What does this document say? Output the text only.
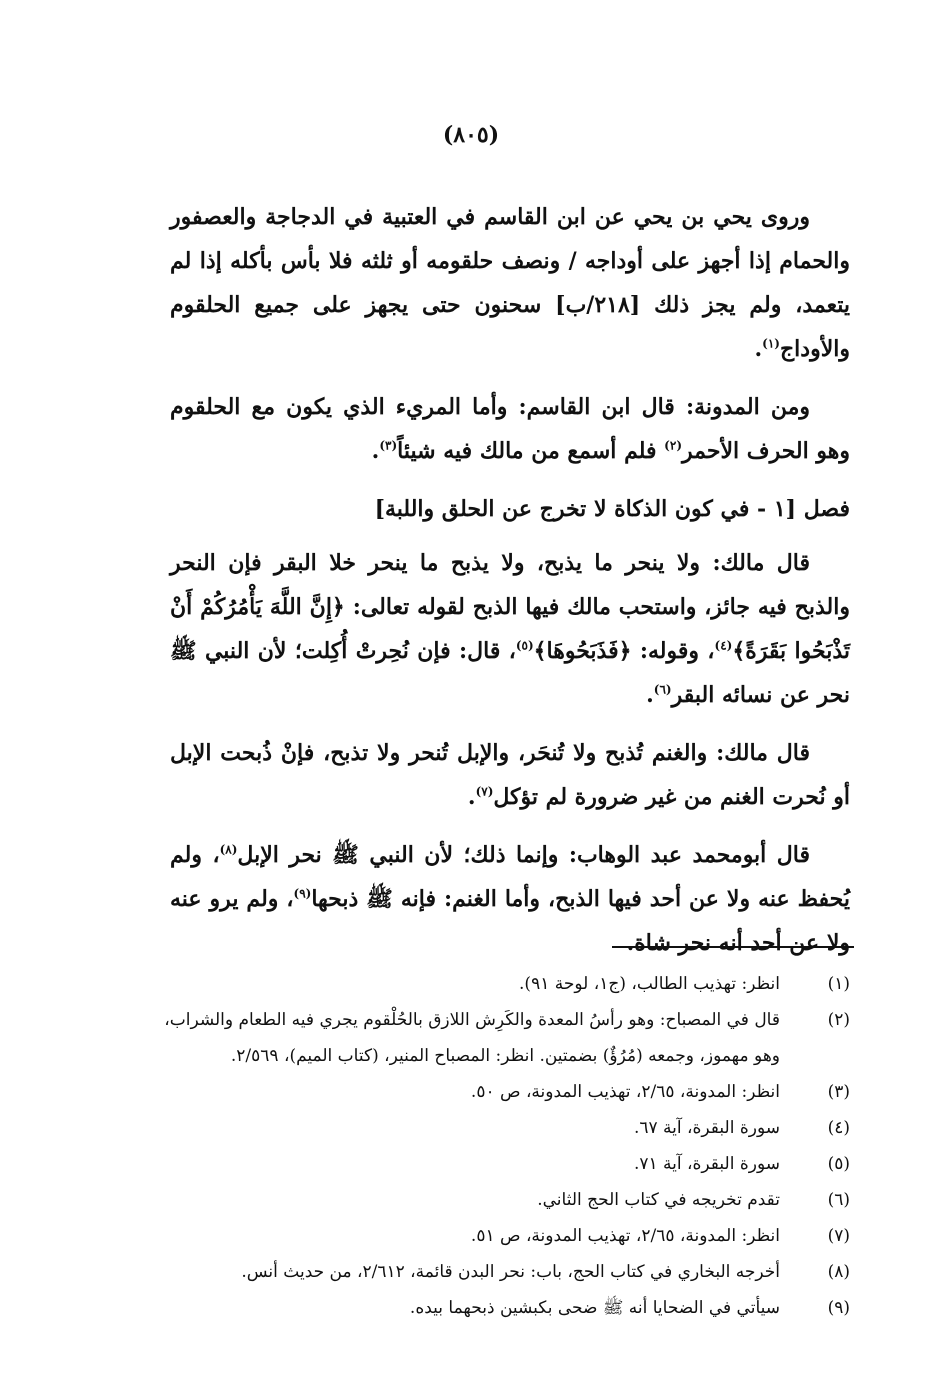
(٨٠٥)

وروى يحي بن يحي عن ابن القاسم في العتبية في الدجاجة والعصفور والحمام إذا أجهز على أوداجه / ونصف حلقومه أو ثلثه فلا بأس بأكله إذا لم يتعمد، ولم يجز ذلك [٢١٨/ب] سحنون حتى يجهز على جميع الحلقوم والأوداج$^{(١)}$.

ومن المدونة: قال ابن القاسم: وأما المريء الذي يكون مع الحلقوم وهو الحرف الأحمر$^{(٢)}$ فلم أسمع من مالك فيه شيئاً$^{(٣)}$.

فصل [١ - في كون الذكاة لا تخرج عن الحلق واللبة]

قال مالك: ولا ينحر ما يذبح، ولا يذبح ما ينحر خلا البقر فإن النحر والذبح فيه جائز، واستحب مالك فيها الذبح لقوله تعالى: ﴿إِنَّ اللَّهَ يَأْمُرُكُمْ أَنْ تَذْبَحُوا بَقَرَةً﴾$^{(٤)}$، وقوله: ﴿فَذَبَحُوهَا﴾$^{(٥)}$، قال: فإن نُحِرتْ أُكِلت؛ لأن النبي ﷺ نحر عن نسائه البقر$^{(٦)}$.

قال مالك: والغنم تُذبح ولا تُنحَر، والإبل تُنحر ولا تذبح، فإنْ ذُبحت الإبل أو نُحرت الغنم من غير ضرورة لم تؤكل$^{(٧)}$.

قال أبومحمد عبد الوهاب: وإنما ذلك؛ لأن النبي ﷺ نحر الإبل$^{(٨)}$، ولم يُحفظ عنه ولا عن أحد فيها الذبح، وأما الغنم: فإنه ﷺ ذبحها$^{(٩)}$، ولم يرو عنه ولا عن أحد أنه نحر شاة.

(١)
انظر: تهذيب الطالب، (ج١، لوحة ٩١).
(٢)
قال في المصباح: وهو رأسُ المعدة والكَرِش اللازق بالحُلْقوم يجري فيه الطعام والشراب، وهو مهموز، وجمعه (مُرُؤٌ) بضمتين. انظر: المصباح المنير، (كتاب الميم)، ٢/٥٦٩.
(٣)
انظر: المدونة، ٢/٦٥، تهذيب المدونة، ص ٥٠.
(٤)
سورة البقرة، آية ٦٧.
(٥)
سورة البقرة، آية ٧١.
(٦)
تقدم تخريجه في كتاب الحج الثاني.
(٧)
انظر: المدونة، ٢/٦٥، تهذيب المدونة، ص ٥١.
(٨)
أخرجه البخاري في كتاب الحج، باب: نحر البدن قائمة، ٢/٦١٢، من حديث أنس.
(٩)
سيأتي في الضحايا أنه ﷺ ضحى بكبشين ذبحهما بيده.
